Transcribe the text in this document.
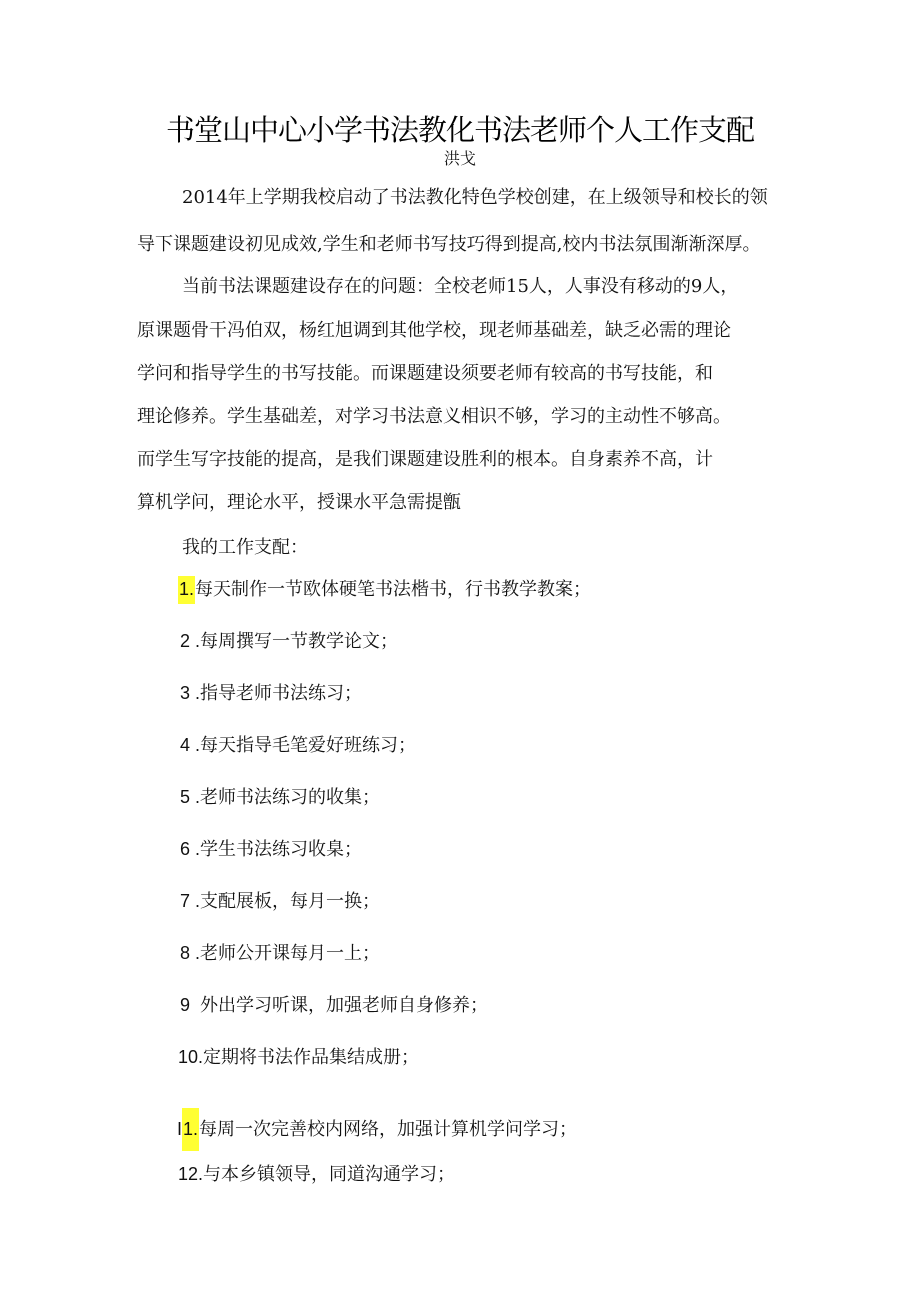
书堂山中心小学书法教化书法老师个人工作支配
洪戈
2014年上学期我校启动了书法教化特色学校创建，在上级领导和校长的领
导下课题建设初见成效,学生和老师书写技巧得到提高,校内书法氛围渐渐深厚。
当前书法课题建设存在的问题：全校老师15人，人事没有移动的9人，
原课题骨干冯伯双，杨红旭调到其他学校，现老师基础差，缺乏必需的理论
学问和指导学生的书写技能。而课题建设须要老师有较高的书写技能，和
理论修养。学生基础差，对学习书法意义相识不够，学习的主动性不够高。
而学生写字技能的提高，是我们课题建设胜利的根本。自身素养不高，计
算机学问，理论水平，授课水平急需提甑
我的工作支配：
1.每天制作一节欧体硬笔书法楷书，行书教学教案；
2 .每周撰写一节教学论文；
3 .指导老师书法练习；
4 .每天指导毛笔爱好班练习；
5 .老师书法练习的收集；
6 .学生书法练习收臬；
7 .支配展板，每月一换；
8 .老师公开课每月一上；
9  外出学习听课，加强老师自身修养；
10.定期将书法作品集结成册；
I1.每周一次完善校内网络，加强计算机学问学习；
12.与本乡镇领导，同道沟通学习；
